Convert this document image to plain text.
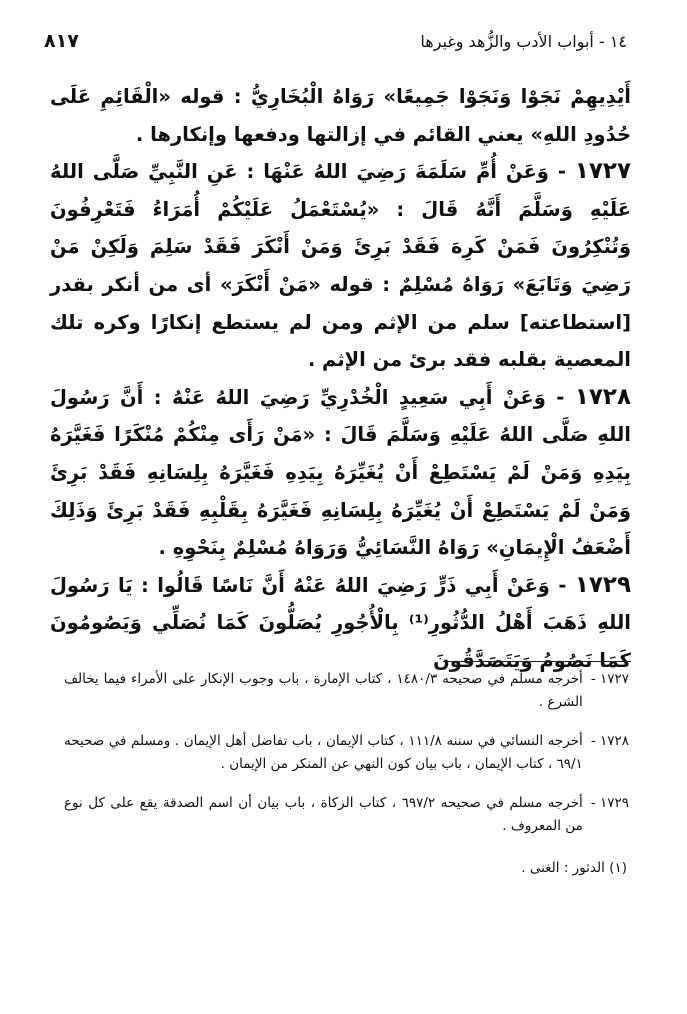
٨١٧	١٤ - أبواب الأدب والزُّهد وغيرها

أَيْدِيهِمْ نَجَوْا وَنَجَوْا جَمِيعًا» رَوَاهُ الْبُخَارِيُّ : قوله «الْقَائِمِ عَلَى حُدُودِ اللهِ» يعني القائم في إزالتها ودفعها وإنكارها .

١٧٢٧ - وَعَنْ أُمِّ سَلَمَةَ رَضِيَ اللهُ عَنْهَا : عَنِ النَّبِيِّ صَلَّى اللهُ عَلَيْهِ وَسَلَّمَ أَنَّهُ قَالَ : «يُسْتَعْمَلُ عَلَيْكُمْ أُمَرَاءُ فَتَعْرِفُونَ وَتُنْكِرُونَ فَمَنْ كَرِهَ فَقَدْ بَرِئَ وَمَنْ أَنْكَرَ فَقَدْ سَلِمَ وَلَكِنْ مَنْ رَضِيَ وَتَابَعَ» رَوَاهُ مُسْلِمٌ : قوله «مَنْ أَنْكَرَ» أى من أنكر بقدر [استطاعته] سلم من الإثم ومن لم يستطع إنكارًا وكره تلك المعصية بقلبه فقد برئ من الإثم .

١٧٢٨ - وَعَنْ أَبِي سَعِيدٍ الْخُدْرِيِّ رَضِيَ اللهُ عَنْهُ : أَنَّ رَسُولَ اللهِ صَلَّى اللهُ عَلَيْهِ وَسَلَّمَ قَالَ : «مَنْ رَأَى مِنْكُمْ مُنْكَرًا فَغَيَّرَهُ بِيَدِهِ وَمَنْ لَمْ يَسْتَطِعْ أَنْ يُغَيِّرَهُ بِيَدِهِ فَغَيَّرَهُ بِلِسَانِهِ فَقَدْ بَرِئَ وَمَنْ لَمْ يَسْتَطِعْ أَنْ يُغَيِّرَهُ بِلِسَانِهِ فَغَيَّرَهُ بِقَلْبِهِ فَقَدْ بَرِئَ وَذَلِكَ أَضْعَفُ الْإِيمَانِ» رَوَاهُ النَّسَائِيُّ وَرَوَاهُ مُسْلِمٌ بِنَحْوِهِ .

١٧٢٩ - وَعَنْ أَبِي ذَرٍّ رَضِيَ اللهُ عَنْهُ أَنَّ نَاسًا قَالُوا : يَا رَسُولَ اللهِ ذَهَبَ أَهْلُ الدُّثُورِ⁽¹⁾ بِالْأُجُورِ يُصَلُّونَ كَمَا نُصَلِّي وَيَصُومُونَ كَمَا نَصُومُ وَيَتَصَدَّقُونَ

١٧٢٧ -
أخرجه مسلم في صحيحه ١٤٨٠/٣ ، كتاب الإمارة ، باب وجوب الإنكار على الأمراء فيما يخالف الشرع .
١٧٢٨ -
أخرجه النسائي في سننه ١١١/٨ ، كتاب الإيمان ، باب تفاضل أهل الإيمان . ومسلم في صحيحه ٦٩/١ ، كتاب الإيمان ، باب بيان كون النهي عن المنكر من الإيمان .
١٧٢٩ -
أخرجه مسلم في صحيحه ٦٩٧/٢ ، كتاب الزكاة ، باب بيان أن اسم الصدقة يقع على كل نوع من المعروف .
(١) الدثور : الغنى .
